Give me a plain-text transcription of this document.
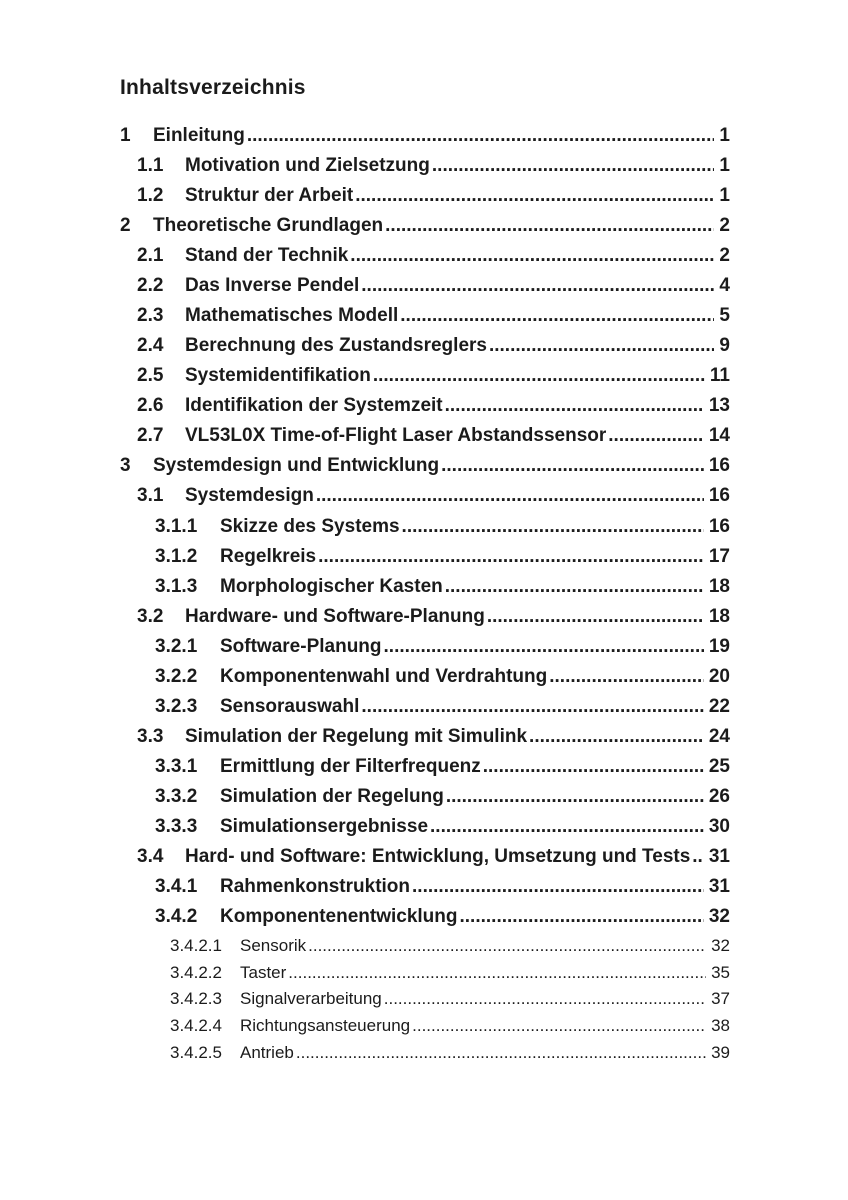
Inhaltsverzeichnis
1	Einleitung .....	1
1.1	Motivation und Zielsetzung .....	1
1.2	Struktur der Arbeit .....	1
2	Theoretische Grundlagen .....	2
2.1	Stand der Technik .....	2
2.2	Das Inverse Pendel .....	4
2.3	Mathematisches Modell .....	5
2.4	Berechnung des Zustandsreglers .....	9
2.5	Systemidentifikation .....	11
2.6	Identifikation der Systemzeit .....	13
2.7	VL53L0X Time-of-Flight Laser Abstandssensor .....	14
3	Systemdesign und Entwicklung .....	16
3.1	Systemdesign .....	16
3.1.1	Skizze des Systems .....	16
3.1.2	Regelkreis .....	17
3.1.3	Morphologischer Kasten .....	18
3.2	Hardware- und Software-Planung .....	18
3.2.1	Software-Planung .....	19
3.2.2	Komponentenwahl und Verdrahtung .....	20
3.2.3	Sensorauswahl .....	22
3.3	Simulation der Regelung mit Simulink .....	24
3.3.1	Ermittlung der Filterfrequenz .....	25
3.3.2	Simulation der Regelung .....	26
3.3.3	Simulationsergebnisse .....	30
3.4	Hard- und Software: Entwicklung, Umsetzung und Tests ..... 31
3.4.1	Rahmenkonstruktion .....	31
3.4.2	Komponentenentwicklung .....	32
3.4.2.1	Sensorik .....	32
3.4.2.2	Taster .....	35
3.4.2.3	Signalverarbeitung .....	37
3.4.2.4	Richtungsansteuerung .....	38
3.4.2.5	Antrieb .....	39
